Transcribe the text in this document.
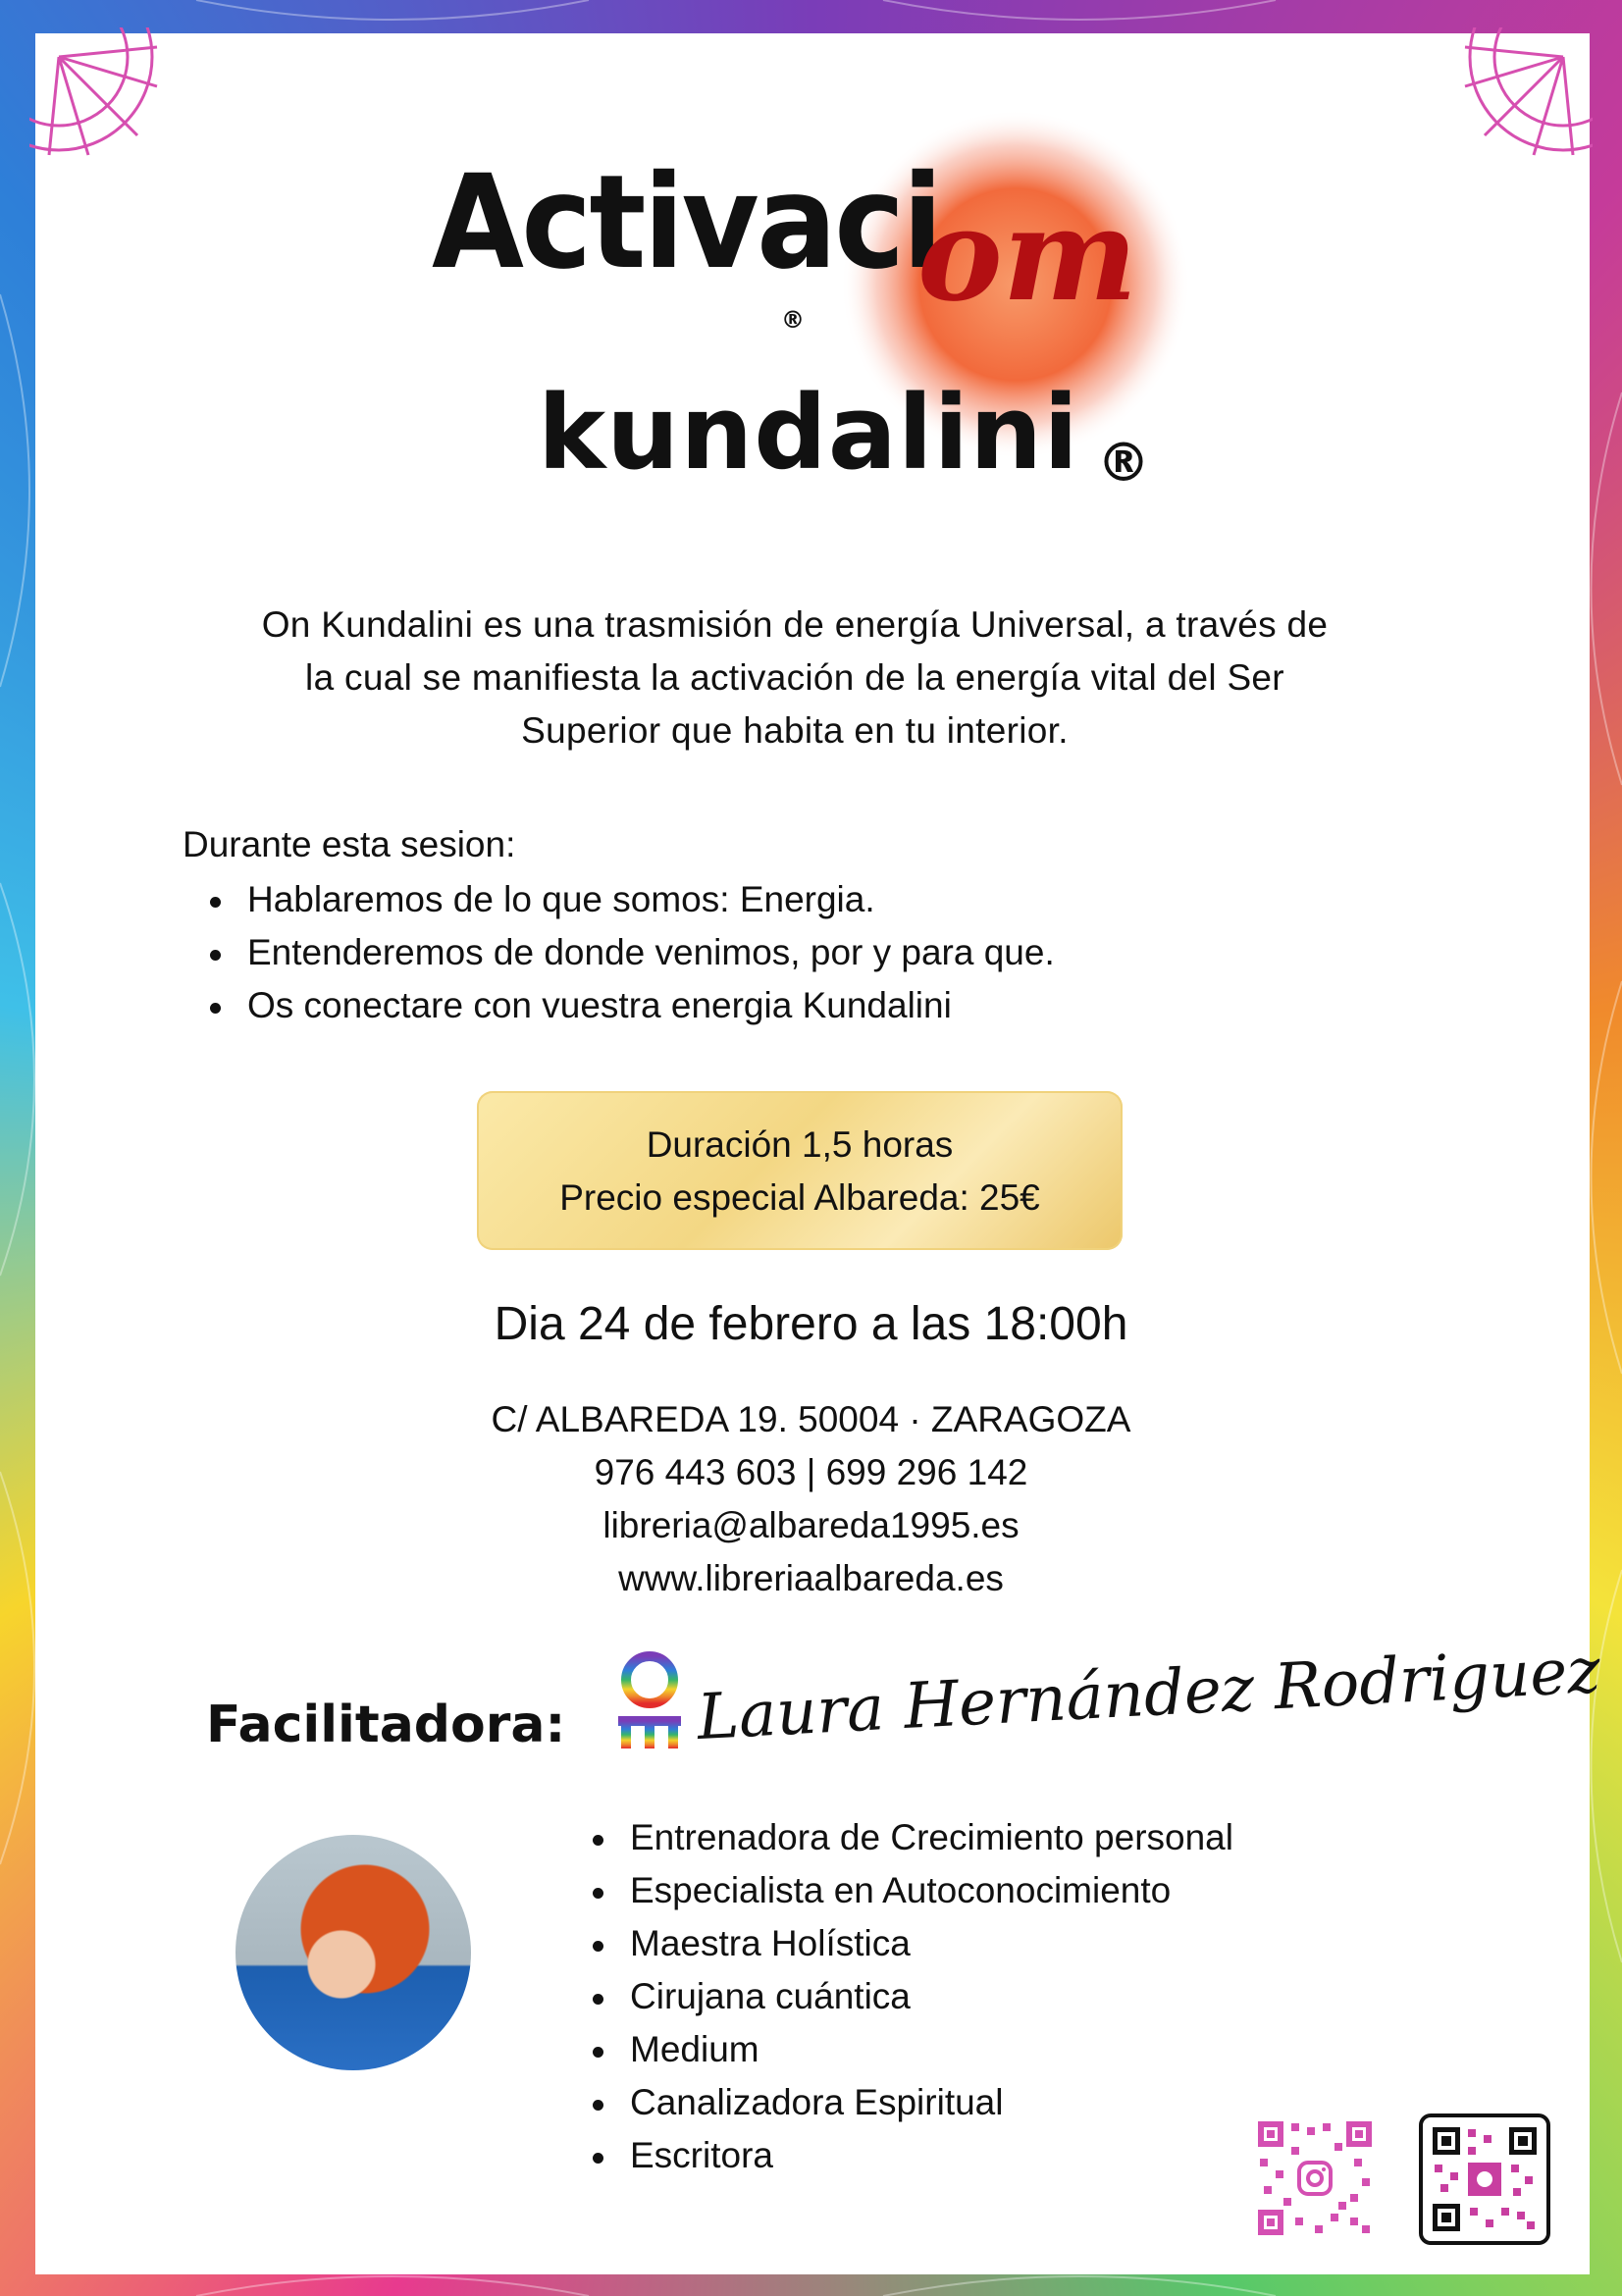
Activaci
om
®
kundalini ®
On Kundalini es una trasmisión de energía Universal, a través de
la cual se manifiesta la activación de la energía vital del Ser
Superior que habita en tu interior.
Durante esta sesion:
Hablaremos de lo que somos: Energia.
Entenderemos de donde venimos, por y para que.
Os conectare con vuestra energia Kundalini
Duración 1,5 horas
Precio especial Albareda: 25€
Dia 24 de febrero a las 18:00h
C/ ALBAREDA 19. 50004 · ZARAGOZA
976 443 603 | 699 296 142
libreria@albareda1995.es
www.libreriaalbareda.es
Facilitadora: Laura Hernández Rodriguez
Entrenadora de Crecimiento personal
Especialista en Autoconocimiento
Maestra Holística
Cirujana cuántica
Medium
Canalizadora Espiritual
Escritora
